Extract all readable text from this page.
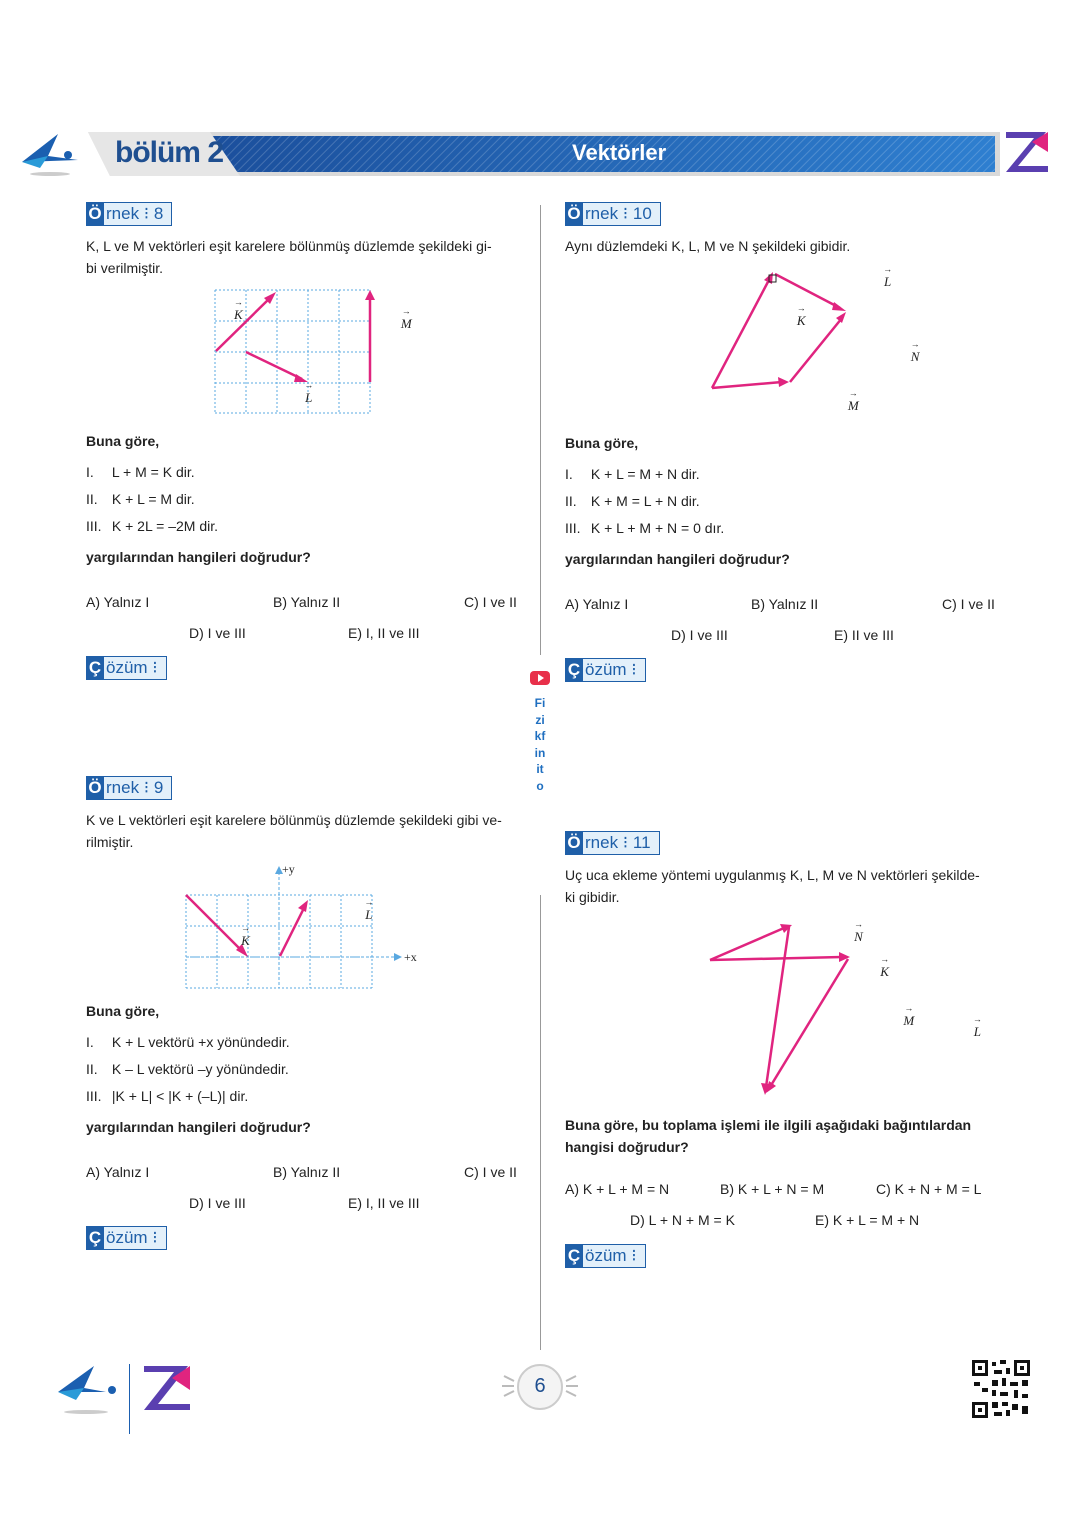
bölüm 2	Vektörler
Fizikfinito
Ö rnek ⁝ 8
K, L ve M vektörleri eşit karelere bölünmüş düzlemde şekildeki gi-
bi verilmiştir.
→ K → L → M
Buna göre,
I. L + M = K dir.
II. K + L = M dir.
III. K + 2L = –2M dir.
yargılarından hangileri doğrudur?
A) Yalnız I	B) Yalnız II	C) I ve II
D) I ve III	E) I, II ve III
Ç özüm ⁝
Ö rnek ⁝ 9
K ve L vektörleri eşit karelere bölünmüş düzlemde şekildeki gibi ve-
rilmiştir.
+y
+x
→ K → L
Buna göre,
I. K + L vektörü +x yönündedir.
II. K – L vektörü –y yönündedir.
III. |K + L| < |K + (–L)| dir.
yargılarından hangileri doğrudur?
A) Yalnız I	B) Yalnız II	C) I ve II
D) I ve III	E) I, II ve III
Ç özüm ⁝
Ö rnek ⁝ 10
Aynı düzlemdeki K, L, M ve N şekildeki gibidir.
→ K → L → N → M
Buna göre,
I. K + L = M + N dir.
II. K + M = L + N dir.
III. K + L + M + N = 0 dır.
yargılarından hangileri doğrudur?
A) Yalnız I	B) Yalnız II	C) I ve II
D) I ve III	E) II ve III
Ç özüm ⁝
Ö rnek ⁝ 11
Uç uca ekleme yöntemi uygulanmış K, L, M ve N vektörleri şekilde-
ki gibidir.
→ N → K → M → L
Buna göre, bu toplama işlemi ile ilgili aşağıdaki bağıntılardan
hangisi doğrudur?
A) K + L + M = N	B) K + L + N = M	C) K + N + M = L
D) L + N + M = K	E) K + L = M + N
Ç özüm ⁝
6
